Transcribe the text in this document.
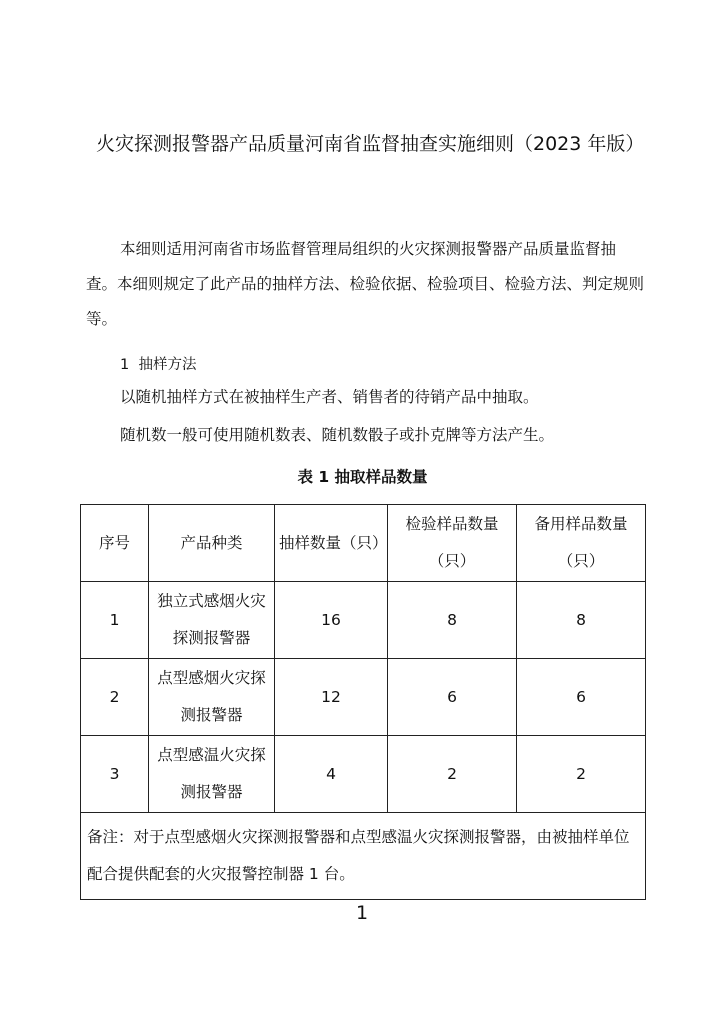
火灾探测报警器产品质量河南省监督抽查实施细则（2023 年版）

本细则适用河南省市场监督管理局组织的火灾探测报警器产品质量监督抽查。本细则规定了此产品的抽样方法、检验依据、检验项目、检验方法、判定规则等。

1 抽样方法
以随机抽样方式在被抽样生产者、销售者的待销产品中抽取。
随机数一般可使用随机数表、随机数骰子或扑克牌等方法产生。
表 1 抽取样品数量
序号	产品种类	抽样数量（只）	检验样品数量（只）	备用样品数量（只）
1	独立式感烟火灾探测报警器	16	8	8
2	点型感烟火灾探测报警器	12	6	6
3	点型感温火灾探测报警器	4	2	2
备注：对于点型感烟火灾探测报警器和点型感温火灾探测报警器，由被抽样单位配合提供配套的火灾报警控制器 1 台。				
1
